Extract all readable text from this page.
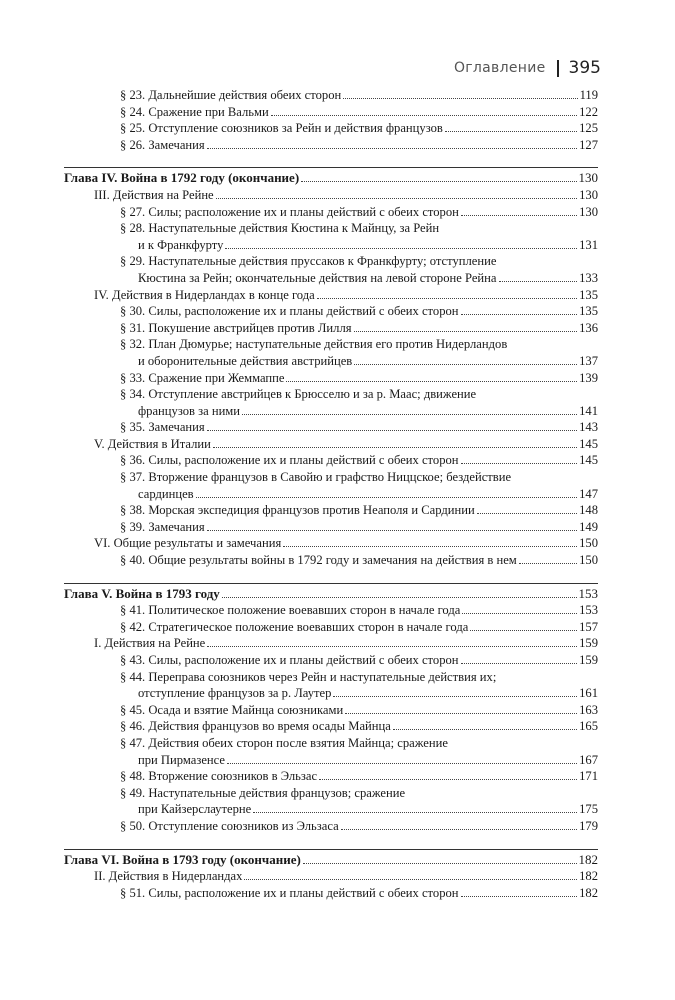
Оглавление 395
§ 23. Дальнейшие действия обеих сторон	119
§ 24. Сражение при Вальми	122
§ 25. Отступление союзников за Рейн и действия французов	125
§ 26. Замечания	127
Глава IV. Война в 1792 году (окончание)	130
III. Действия на Рейне	130
§ 27. Силы; расположение их и планы действий с обеих сторон	130
§ 28. Наступательные действия Кюстина к Майнцу, за Рейн
и к Франкфурту	131
§ 29. Наступательные действия пруссаков к Франкфурту; отступление
Кюстина за Рейн; окончательные действия на левой стороне Рейна	133
IV. Действия в Нидерландах в конце года	135
§ 30. Силы, расположение их и планы действий с обеих сторон	135
§ 31. Покушение австрийцев против Лилля	136
§ 32. План Дюмурье; наступательные действия его против Нидерландов
и оборонительные действия австрийцев	137
§ 33. Сражение при Жеммаппе	139
§ 34. Отступление австрийцев к Брюсселю и за р. Маас; движение
французов за ними	141
§ 35. Замечания	143
V. Действия в Италии	145
§ 36. Силы, расположение их и планы действий с обеих сторон	145
§ 37. Вторжение французов в Савойю и графство Ниццское; бездействие
сардинцев	147
§ 38. Морская экспедиция французов против Неаполя и Сардинии	148
§ 39. Замечания	149
VI. Общие результаты и замечания	150
§ 40. Общие результаты войны в 1792 году и замечания на действия в нем	150
Глава V. Война в 1793 году	153
§ 41. Политическое положение воевавших сторон в начале года	153
§ 42. Стратегическое положение воевавших сторон в начале года	157
I. Действия на Рейне	159
§ 43. Силы, расположение их и планы действий с обеих сторон	159
§ 44. Переправа союзников через Рейн и наступательные действия их;
отступление французов за р. Лаутер	161
§ 45. Осада и взятие Майнца союзниками	163
§ 46. Действия французов во время осады Майнца	165
§ 47. Действия обеих сторон после взятия Майнца; сражение
при Пирмазенсе	167
§ 48. Вторжение союзников в Эльзас	171
§ 49. Наступательные действия французов; сражение
при Кайзерслаутерне	175
§ 50. Отступление союзников из Эльзаса	179
Глава VI. Война в 1793 году (окончание)	182
II. Действия в Нидерландах	182
§ 51. Силы, расположение их и планы действий с обеих сторон	182
